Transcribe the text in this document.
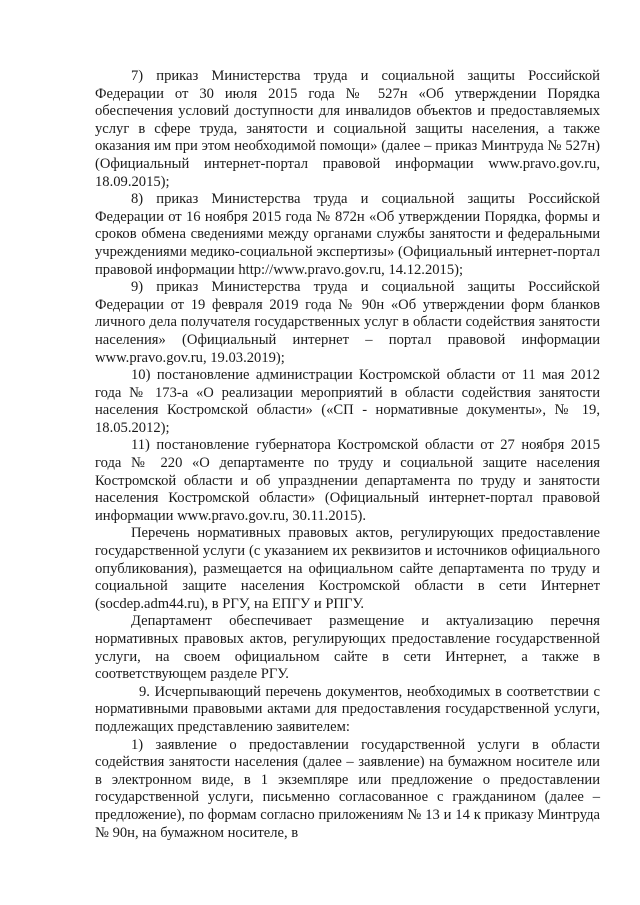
7) приказ Министерства труда и социальной защиты Российской Федерации от 30 июля 2015 года № 527н «Об утверждении Порядка обеспечения условий доступности для инвалидов объектов и предоставляемых услуг в сфере труда, занятости и социальной защиты населения, а также оказания им при этом необходимой помощи» (далее – приказ Минтруда № 527н) (Официальный интернет-портал правовой информации www.pravo.gov.ru, 18.09.2015);

8) приказ Министерства труда и социальной защиты Российской Федерации от 16 ноября 2015 года № 872н «Об утверждении Порядка, формы и сроков обмена сведениями между органами службы занятости и федеральными учреждениями медико-социальной экспертизы» (Официальный интернет-портал правовой информации http://www.pravo.gov.ru, 14.12.2015);

9) приказ Министерства труда и социальной защиты Российской Федерации от 19 февраля 2019 года № 90н «Об утверждении форм бланков личного дела получателя государственных услуг в области содействия занятости населения» (Официальный интернет – портал правовой информации www.pravo.gov.ru, 19.03.2019);

10) постановление администрации Костромской области от 11 мая 2012 года № 173-а «О реализации мероприятий в области содействия занятости населения Костромской области» («СП - нормативные документы», № 19, 18.05.2012);

11) постановление губернатора Костромской области от 27 ноября 2015 года № 220 «О департаменте по труду и социальной защите населения Костромской области и об упразднении департамента по труду и занятости населения Костромской области» (Официальный интернет-портал правовой информации www.pravo.gov.ru, 30.11.2015).

Перечень нормативных правовых актов, регулирующих предоставление государственной услуги (с указанием их реквизитов и источников официального опубликования), размещается на официальном сайте департамента по труду и социальной защите населения Костромской области в сети Интернет (socdep.adm44.ru), в РГУ, на ЕПГУ и РПГУ.

Департамент обеспечивает размещение и актуализацию перечня нормативных правовых актов, регулирующих предоставление государственной услуги, на своем официальном сайте в сети Интернет, а также в соответствующем разделе РГУ.

9. Исчерпывающий перечень документов, необходимых в соответствии с нормативными правовыми актами для предоставления государственной услуги, подлежащих представлению заявителем:

1) заявление о предоставлении государственной услуги в области содействия занятости населения (далее – заявление) на бумажном носителе или в электронном виде, в 1 экземпляре или предложение о предоставлении государственной услуги, письменно согласованное с гражданином (далее – предложение), по формам согласно приложениям № 13 и 14 к приказу Минтруда № 90н, на бумажном носителе, в
